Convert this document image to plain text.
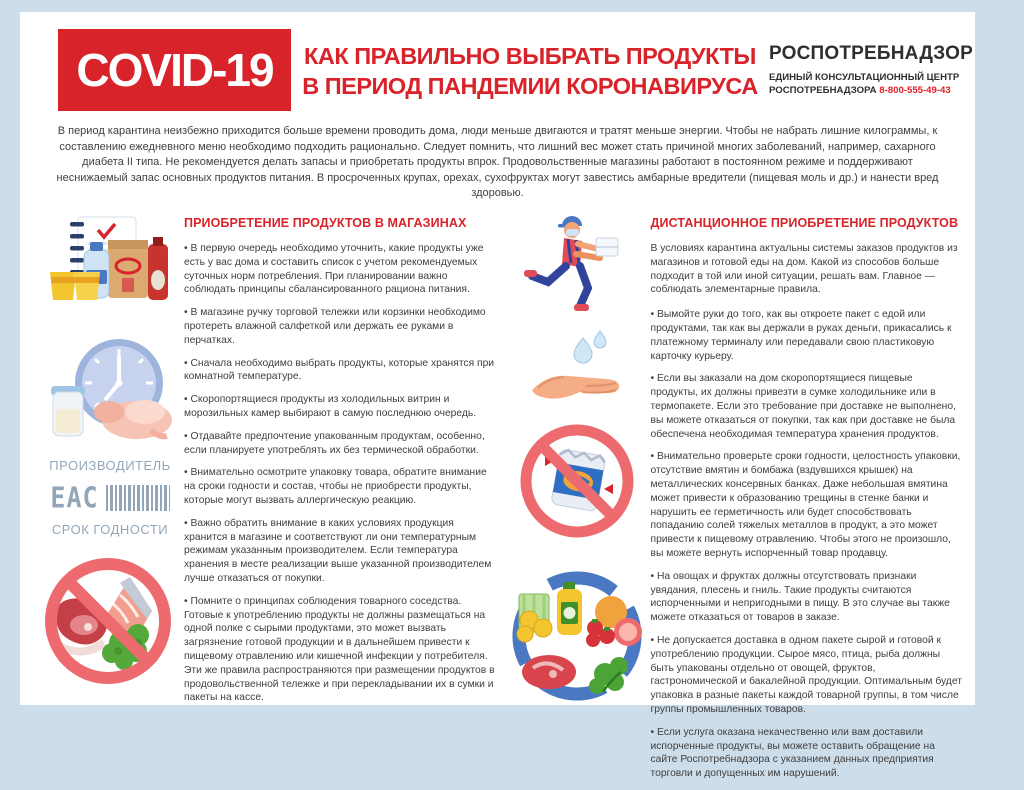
COVID-19	КАК ПРАВИЛЬНО ВЫБРАТЬ ПРОДУКТЫ
В ПЕРИОД ПАНДЕМИИ КОРОНАВИРУСА
РОСПОТРЕБНАДЗОР
ЕДИНЫЙ КОНСУЛЬТАЦИОННЫЙ ЦЕНТР
РОСПОТРЕБНАДЗОРА 8-800-555-49-43

В период карантина неизбежно приходится больше времени проводить дома, люди меньше двигаются и тратят меньше энергии. Чтобы не набрать лишние килограммы, к составлению ежедневного меню необходимо подходить рационально. Следует помнить, что лишний вес может стать причиной многих заболеваний, например, сахарного диабета II типа. Не рекомендуется делать запасы и приобретать продукты впрок. Продовольственные магазины работают в постоянном режиме и поддерживают неснижаемый запас основных продуктов питания. В просроченных крупах, орехах, сухофруктах могут завестись амбарные вредители (пищевая моль и др.) и нанести вред здоровью.

ПРОИЗВОДИТЕЛЬ
ЕАС
СРОК ГОДНОСТИ
ПРИОБРЕТЕНИЕ ПРОДУКТОВ В МАГАЗИНАХ

• В первую очередь необходимо уточнить, какие продукты уже есть у вас дома и составить список с учетом рекомендуемых суточных норм потребления. При планировании важно соблюдать принципы сбалансированного рациона питания.

• В магазине ручку торговой тележки или корзинки необходимо протереть влажной салфеткой или держать ее руками в перчатках.

• Сначала необходимо выбрать продукты, которые хранятся при комнатной температуре.

• Скоропортящиеся продукты из холодильных витрин и морозильных камер выбирают в самую последнюю очередь.

• Отдавайте предпочтение упакованным продуктам, особенно, если планируете употреблять их без термической обработки.

• Внимательно осмотрите упаковку товара, обратите внимание на сроки годности и состав, чтобы не приобрести продукты, которые могут вызвать аллергическую реакцию.

• Важно обратить внимание в каких условиях продукция хранится в магазине и соответствуют ли они температурным режимам указанным производителем. Если температура хранения в месте реализации выше указанной производителем лучше отказаться от покупки.

• Помните о принципах соблюдения товарного соседства. Готовые к употреблению продукты не должны размещаться на одной полке с сырыми продуктами, это может вызвать загрязнение готовой продукции и в дальнейшем привести к пищевому отравлению или кишечной инфекции у потребителя. Эти же правила распространяются при размещении продуктов в продовольственной тележке и при перекладывании их в сумки и пакеты на кассе.

ДИСТАНЦИОННОЕ ПРИОБРЕТЕНИЕ ПРОДУКТОВ

В условиях карантина актуальны системы заказов продуктов из магазинов и готовой еды на дом. Какой из способов больше подходит в той или иной ситуации, решать вам. Главное — соблюдать элементарные правила.

• Вымойте руки до того, как вы откроете пакет с едой или продуктами, так как вы держали в руках деньги, прикасались к платежному терминалу или передавали свою пластиковую карточку курьеру.

• Если вы заказали на дом скоропортящиеся пищевые продукты, их должны привезти в сумке холодильнике или в термопакете. Если это требование при доставке не выполнено, вы можете отказаться от покупки, так как при доставке не была обеспечена необходимая температура хранения продуктов.

• Внимательно проверьте сроки годности, целостность упаковки, отсутствие вмятин и бомбажа (вздувшихся крышек) на металлических консервных банках. Даже небольшая вмятина может привести к образованию трещины в стенке банки и нарушить ее герметичность или будет способствовать попаданию солей тяжелых металлов в продукт, а это может привести к пищевому отравлению. Чтобы этого не произошло, вы можете вернуть испорченный товар продавцу.

• На овощах и фруктах должны отсутствовать признаки увядания, плесень и гниль. Такие продукты считаются испорченными и непригодными в пищу. В это случае вы также можете отказаться от товаров в заказе.

• Не допускается доставка в одном пакете сырой и готовой к употреблению продукции. Сырое мясо, птица, рыба должны быть упакованы отдельно от овощей, фруктов, гастрономической и бакалейной продукции. Оптимальным будет упаковка в разные пакеты каждой товарной группы, в том числе группы промышленных товаров.

• Если услуга оказана некачественно или вам доставили испорченные продукты, вы можете оставить обращение на сайте Роспотребнадзора с указанием данных предприятия торговли и допущенных им нарушений.
